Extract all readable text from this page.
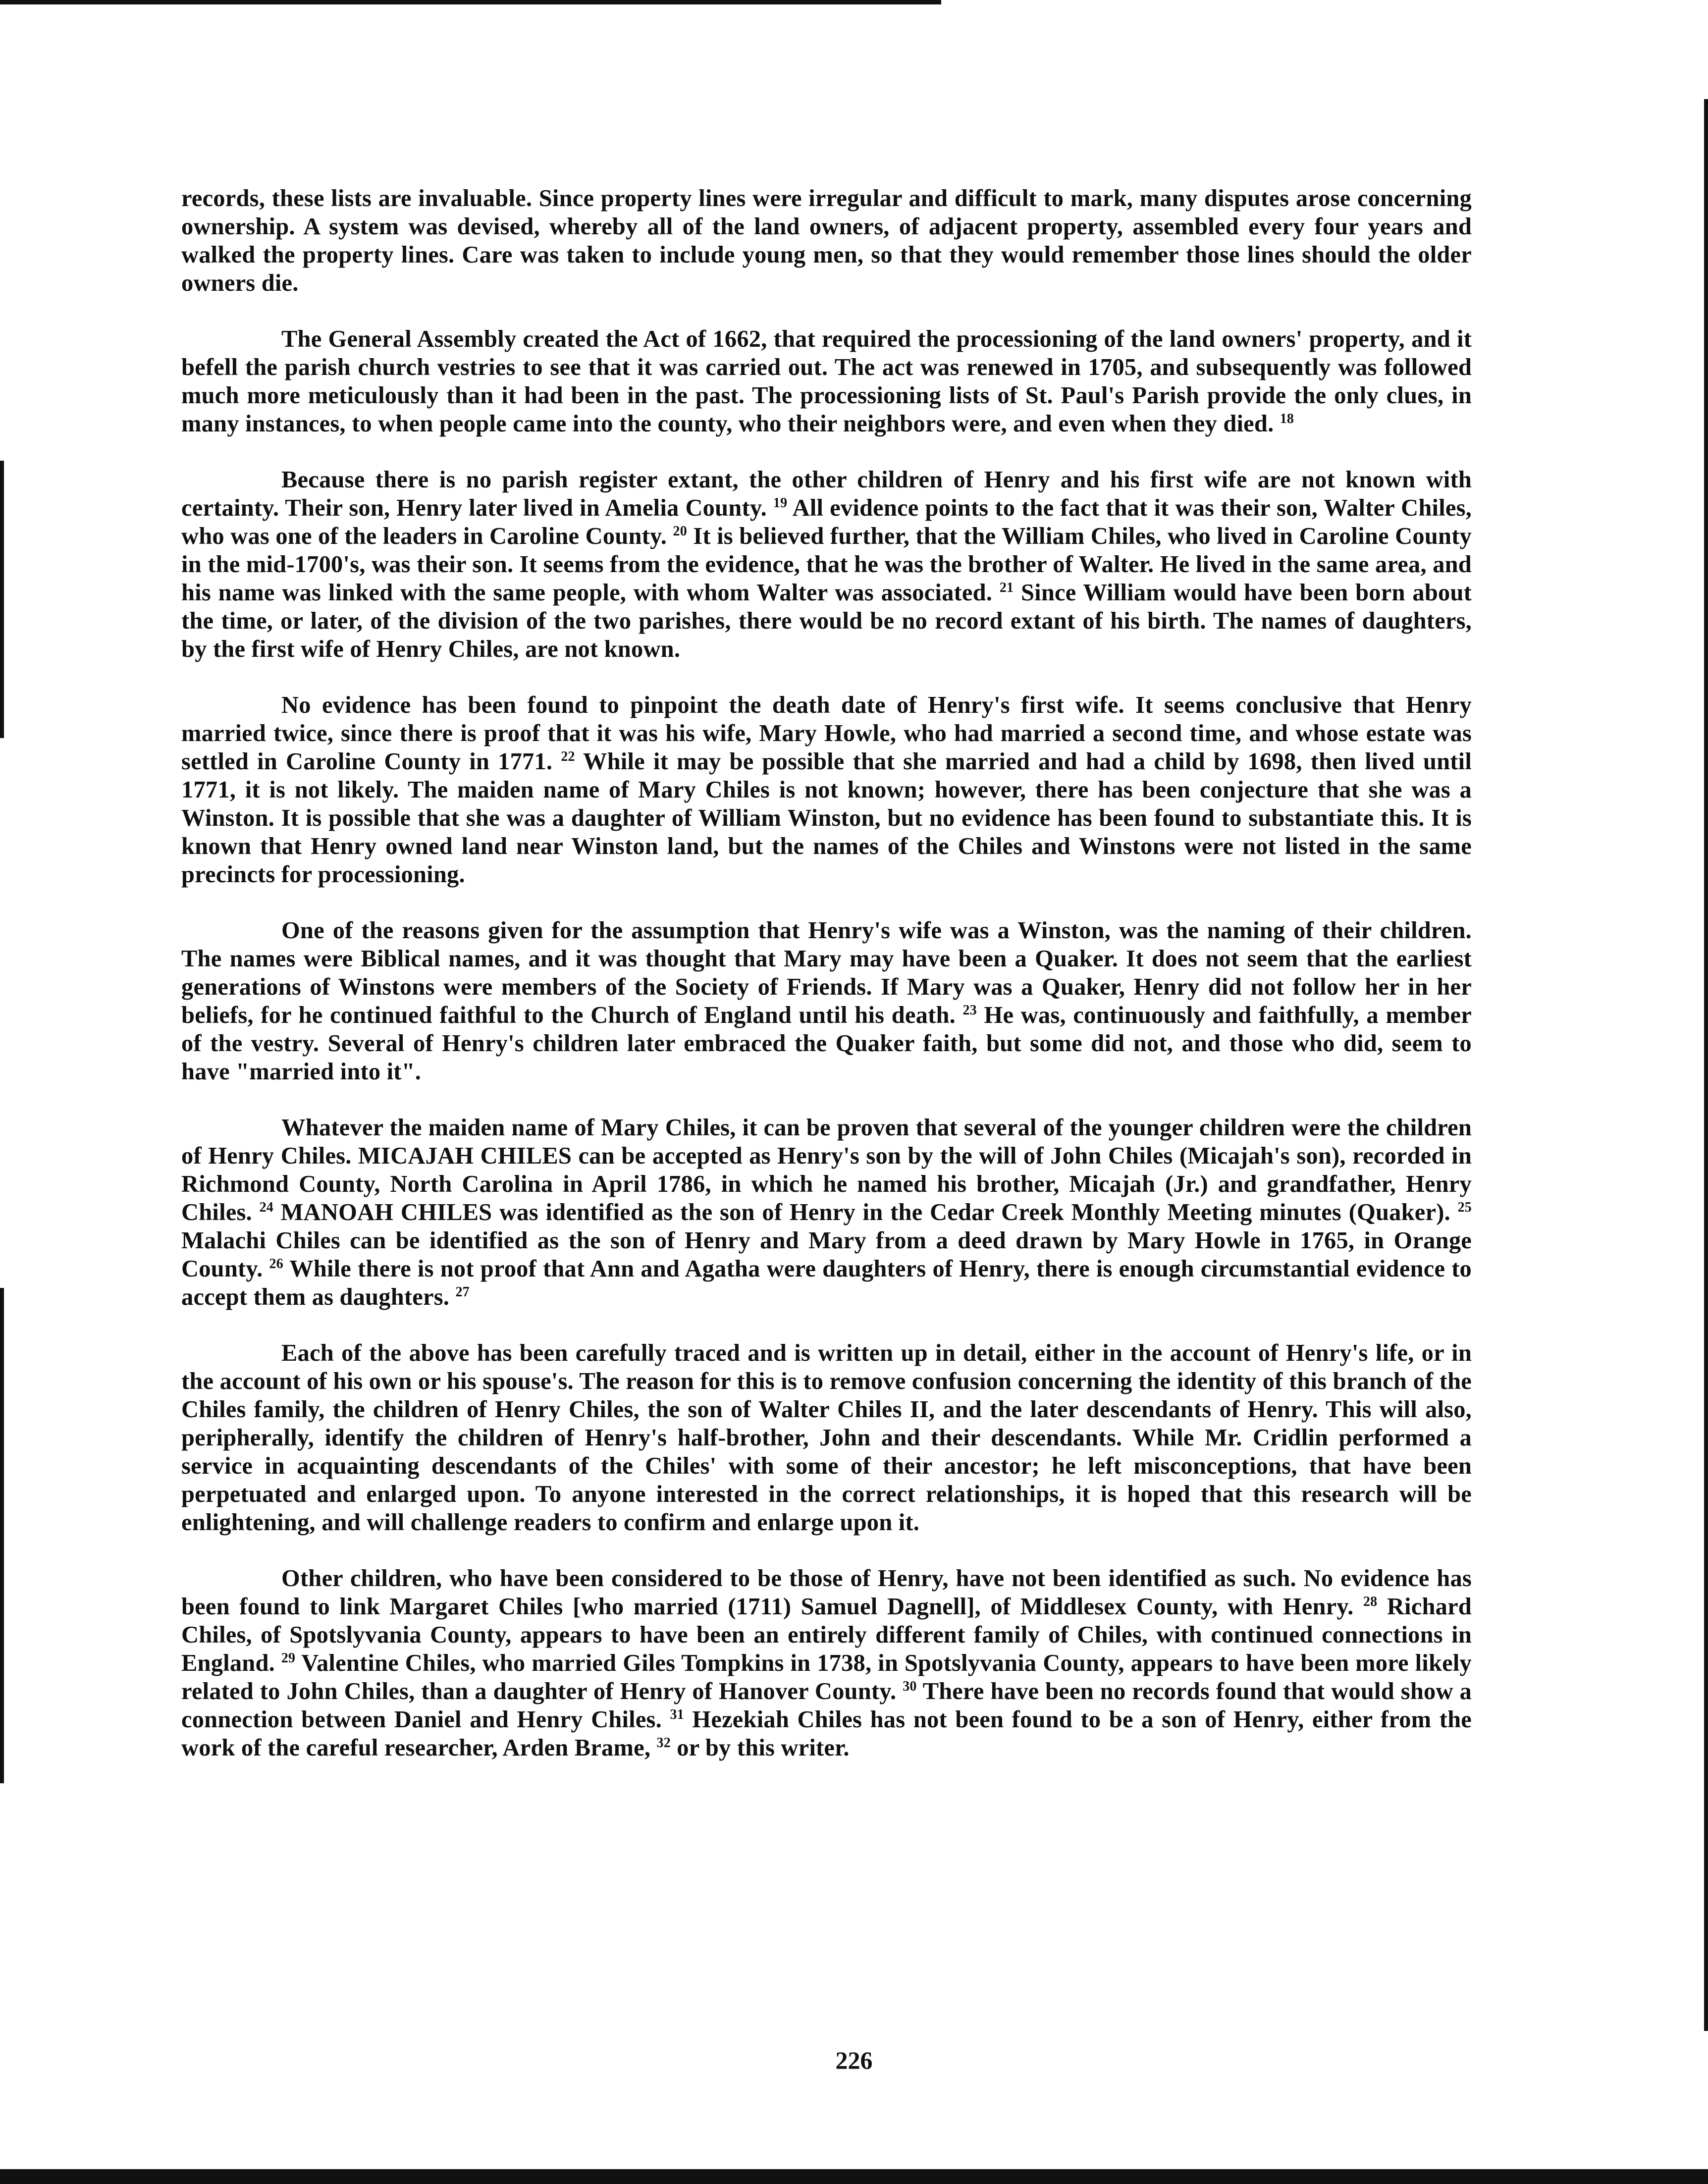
records, these lists are invaluable. Since property lines were irregular and difficult to mark, many disputes arose concerning ownership. A system was devised, whereby all of the land owners, of adjacent property, assembled every four years and walked the property lines. Care was taken to include young men, so that they would remember those lines should the older owners die.

The General Assembly created the Act of 1662, that required the processioning of the land owners' property, and it befell the parish church vestries to see that it was carried out. The act was renewed in 1705, and subsequently was followed much more meticulously than it had been in the past. The processioning lists of St. Paul's Parish provide the only clues, in many instances, to when people came into the county, who their neighbors were, and even when they died. $^{18}$

Because there is no parish register extant, the other children of Henry and his first wife are not known with certainty. Their son, Henry later lived in Amelia County. $^{19}$ All evidence points to the fact that it was their son, Walter Chiles, who was one of the leaders in Caroline County. $^{20}$ It is believed further, that the William Chiles, who lived in Caroline County in the mid-1700's, was their son. It seems from the evidence, that he was the brother of Walter. He lived in the same area, and his name was linked with the same people, with whom Walter was associated. $^{21}$ Since William would have been born about the time, or later, of the division of the two parishes, there would be no record extant of his birth. The names of daughters, by the first wife of Henry Chiles, are not known.

No evidence has been found to pinpoint the death date of Henry's first wife. It seems conclusive that Henry married twice, since there is proof that it was his wife, Mary Howle, who had married a second time, and whose estate was settled in Caroline County in 1771. $^{22}$ While it may be possible that she married and had a child by 1698, then lived until 1771, it is not likely. The maiden name of Mary Chiles is not known; however, there has been conjecture that she was a Winston. It is possible that she was a daughter of William Winston, but no evidence has been found to substantiate this. It is known that Henry owned land near Winston land, but the names of the Chiles and Winstons were not listed in the same precincts for processioning.

One of the reasons given for the assumption that Henry's wife was a Winston, was the naming of their children. The names were Biblical names, and it was thought that Mary may have been a Quaker. It does not seem that the earliest generations of Winstons were members of the Society of Friends. If Mary was a Quaker, Henry did not follow her in her beliefs, for he continued faithful to the Church of England until his death. $^{23}$ He was, continuously and faithfully, a member of the vestry. Several of Henry's children later embraced the Quaker faith, but some did not, and those who did, seem to have "married into it".

Whatever the maiden name of Mary Chiles, it can be proven that several of the younger children were the children of Henry Chiles. MICAJAH CHILES can be accepted as Henry's son by the will of John Chiles (Micajah's son), recorded in Richmond County, North Carolina in April 1786, in which he named his brother, Micajah (Jr.) and grandfather, Henry Chiles. $^{24}$ MANOAH CHILES was identified as the son of Henry in the Cedar Creek Monthly Meeting minutes (Quaker). $^{25}$ Malachi Chiles can be identified as the son of Henry and Mary from a deed drawn by Mary Howle in 1765, in Orange County. $^{26}$ While there is not proof that Ann and Agatha were daughters of Henry, there is enough circumstantial evidence to accept them as daughters. $^{27}$

Each of the above has been carefully traced and is written up in detail, either in the account of Henry's life, or in the account of his own or his spouse's. The reason for this is to remove confusion concerning the identity of this branch of the Chiles family, the children of Henry Chiles, the son of Walter Chiles II, and the later descendants of Henry. This will also, peripherally, identify the children of Henry's half-brother, John and their descendants. While Mr. Cridlin performed a service in acquainting descendants of the Chiles' with some of their ancestor; he left misconceptions, that have been perpetuated and enlarged upon. To anyone interested in the correct relationships, it is hoped that this research will be enlightening, and will challenge readers to confirm and enlarge upon it.

Other children, who have been considered to be those of Henry, have not been identified as such. No evidence has been found to link Margaret Chiles [who married (1711) Samuel Dagnell], of Middlesex County, with Henry. $^{28}$ Richard Chiles, of Spotslyvania County, appears to have been an entirely different family of Chiles, with continued connections in England. $^{29}$ Valentine Chiles, who married Giles Tompkins in 1738, in Spotslyvania County, appears to have been more likely related to John Chiles, than a daughter of Henry of Hanover County. $^{30}$ There have been no records found that would show a connection between Daniel and Henry Chiles. $^{31}$ Hezekiah Chiles has not been found to be a son of Henry, either from the work of the careful researcher, Arden Brame, $^{32}$ or by this writer.

226
